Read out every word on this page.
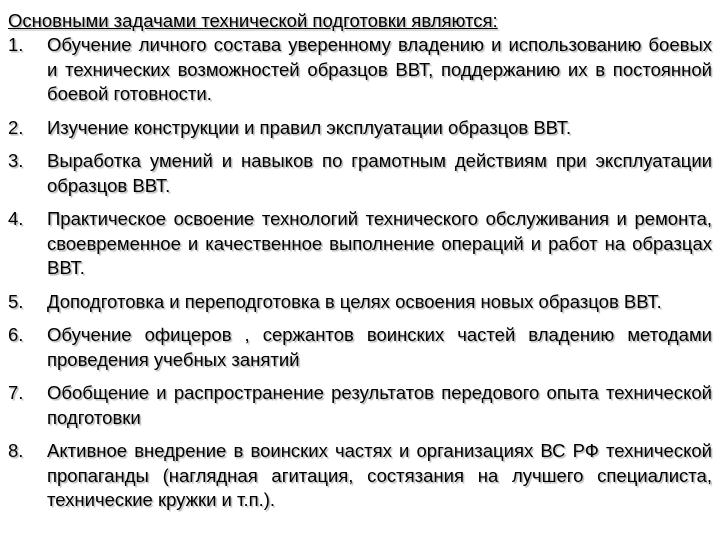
Основными задачами технической подготовки являются:
1.	Обучение личного состава уверенному владению и использованию боевых и технических возможностей образцов ВВТ, поддержанию их в постоянной боевой готовности.
2.	Изучение конструкции и правил эксплуатации образцов ВВТ.
3.	Выработка умений и навыков по грамотным действиям при эксплуатации образцов ВВТ.
4.	Практическое освоение технологий технического обслуживания и ремонта, своевременное и качественное выполнение операций и работ на образцах ВВТ.
5.	Доподготовка и переподготовка в целях освоения новых образцов ВВТ.
6.	Обучение офицеров , сержантов воинских частей владению методами проведения учебных занятий
7.	Обобщение и распространение результатов передового опыта технической подготовки
8.	Активное внедрение в воинских частях и организациях ВС РФ технической пропаганды (наглядная агитация, состязания на лучшего специалиста, технические кружки и т.п.).
